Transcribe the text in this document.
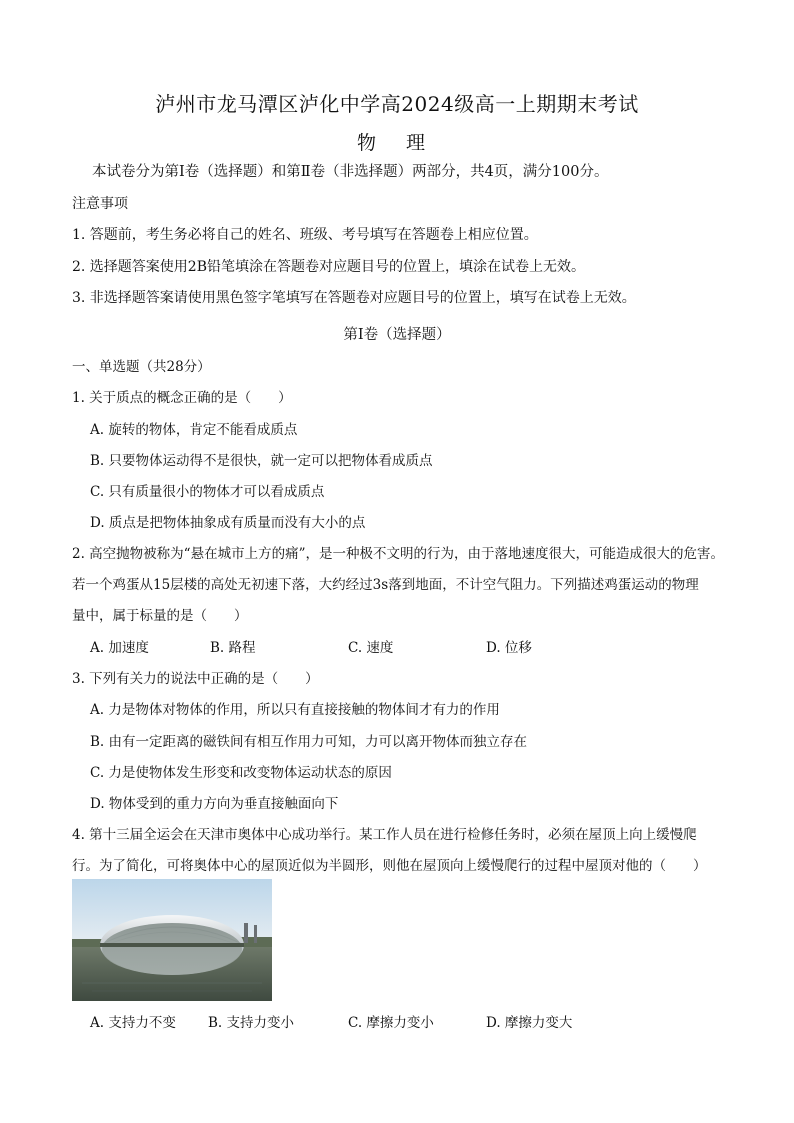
泸州市龙马潭区泸化中学高2024级高一上期期末考试
物 理
本试卷分为第Ⅰ卷（选择题）和第Ⅱ卷（非选择题）两部分，共4页，满分100分。
注意事项
1. 答题前，考生务必将自己的姓名、班级、考号填写在答题卷上相应位置。
2. 选择题答案使用2B铅笔填涂在答题卷对应题目号的位置上，填涂在试卷上无效。
3. 非选择题答案请使用黑色签字笔填写在答题卷对应题目号的位置上，填写在试卷上无效。
第Ⅰ卷（选择题）
一、单选题（共28分）
1. 关于质点的概念正确的是（　　）
A. 旋转的物体，肯定不能看成质点
B. 只要物体运动得不是很快，就一定可以把物体看成质点
C. 只有质量很小的物体才可以看成质点
D. 质点是把物体抽象成有质量而没有大小的点
2. 高空抛物被称为“悬在城市上方的痛”，是一种极不文明的行为，由于落地速度很大，可能造成很大的危害。
若一个鸡蛋从15层楼的高处无初速下落，大约经过3s落到地面，不计空气阻力。下列描述鸡蛋运动的物理
量中，属于标量的是（　　）
A. 加速度	B. 路程	C. 速度	D. 位移
3. 下列有关力的说法中正确的是（　　）
A. 力是物体对物体的作用，所以只有直接接触的物体间才有力的作用
B. 由有一定距离的磁铁间有相互作用力可知，力可以离开物体而独立存在
C. 力是使物体发生形变和改变物体运动状态的原因
D. 物体受到的重力方向为垂直接触面向下
4. 第十三届全运会在天津市奥体中心成功举行。某工作人员在进行检修任务时，必须在屋顶上向上缓慢爬
行。为了简化，可将奥体中心的屋顶近似为半圆形，则他在屋顶向上缓慢爬行的过程中屋顶对他的（　　）
A. 支持力不变 B. 支持力变小	C. 摩擦力变小	D. 摩擦力变大
